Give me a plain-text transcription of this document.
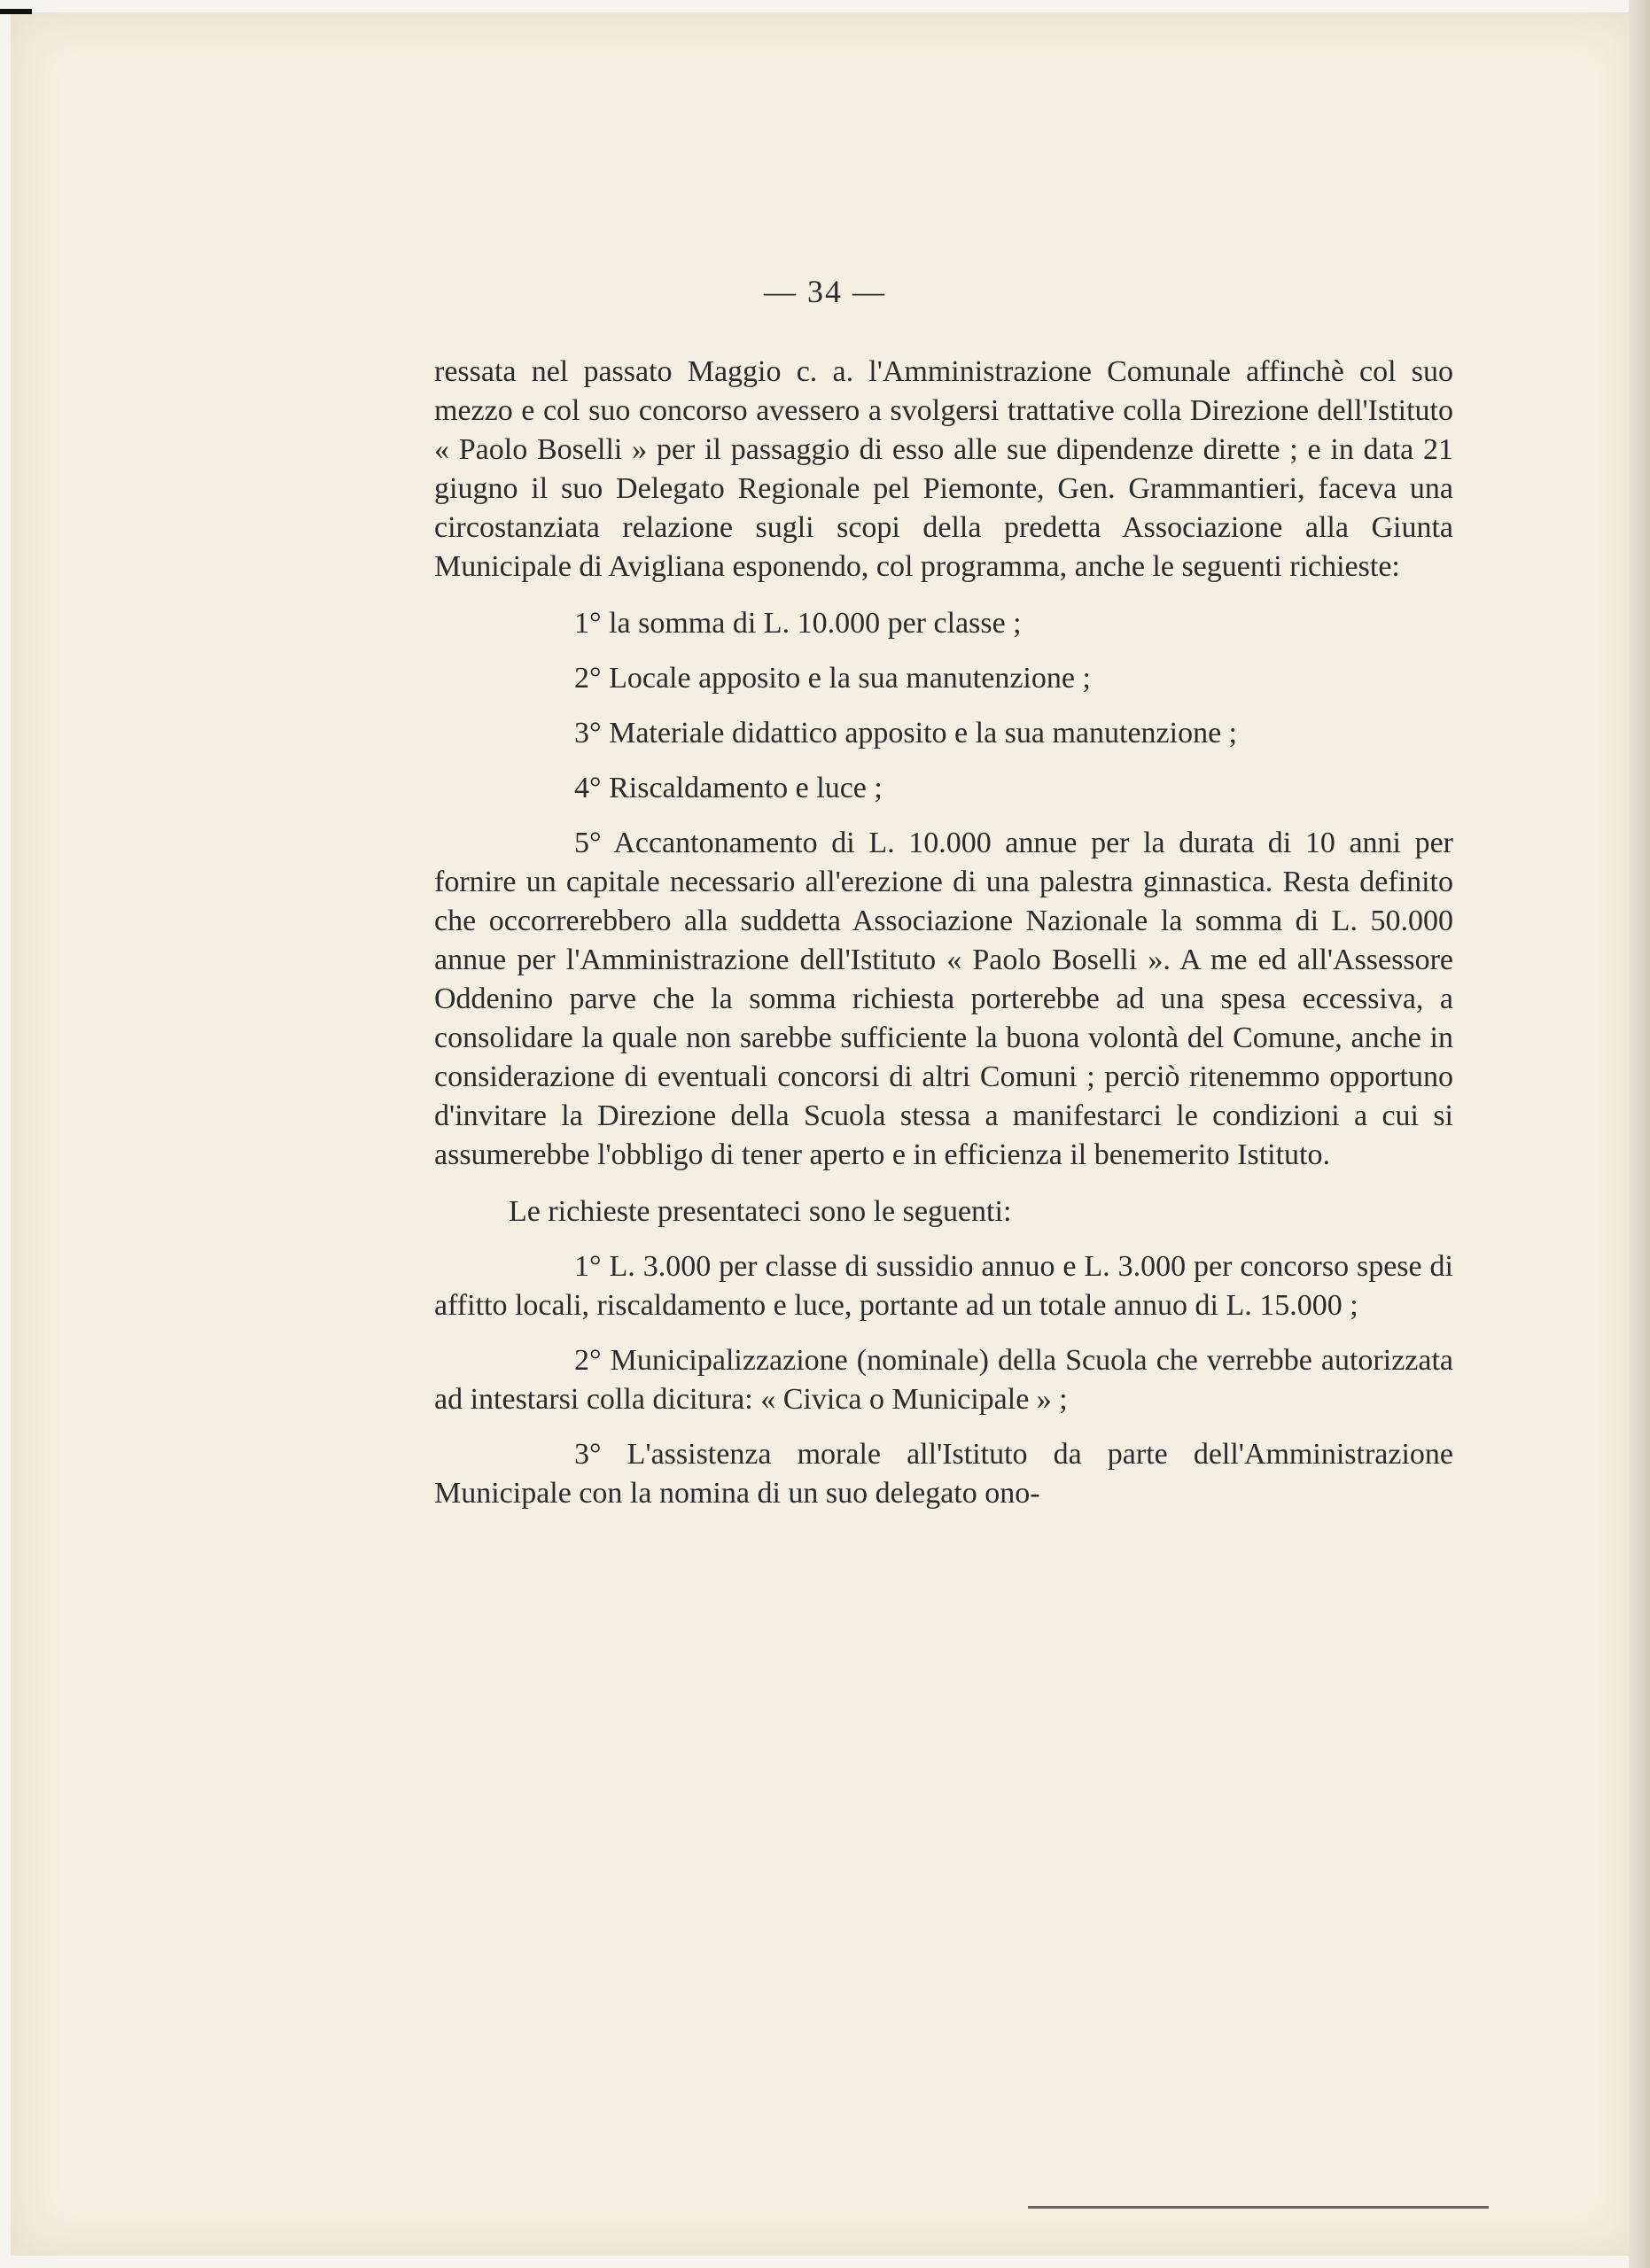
— 34 —

ressata nel passato Maggio c. a. l'Amministrazione Comunale affinchè col suo mezzo e col suo concorso avessero a svolgersi trattative colla Direzione dell'Istituto « Paolo Boselli » per il passaggio di esso alle sue dipendenze dirette ; e in data 21 giugno il suo Delegato Regionale pel Piemonte, Gen. Grammantieri, faceva una circostanziata relazione sugli scopi della predetta Associazione alla Giunta Municipale di Avigliana esponendo, col programma, anche le seguenti richieste:

1° la somma di L. 10.000 per classe ;

2° Locale apposito e la sua manutenzione ;

3° Materiale didattico apposito e la sua manutenzione ;

4° Riscaldamento e luce ;

5° Accantonamento di L. 10.000 annue per la durata di 10 anni per fornire un capitale necessario all'erezione di una palestra ginnastica. Resta definito che occorrerebbero alla suddetta Associazione Nazionale la somma di L. 50.000 annue per l'Amministrazione dell'Istituto « Paolo Boselli ». A me ed all'Assessore Oddenino parve che la somma richiesta porterebbe ad una spesa eccessiva, a consolidare la quale non sarebbe sufficiente la buona volontà del Comune, anche in considerazione di eventuali concorsi di altri Comuni ; perciò ritenemmo opportuno d'invitare la Direzione della Scuola stessa a manifestarci le condizioni a cui si assumerebbe l'obbligo di tener aperto e in efficienza il benemerito Istituto.

Le richieste presentateci sono le seguenti:

1° L. 3.000 per classe di sussidio annuo e L. 3.000 per concorso spese di affitto locali, riscaldamento e luce, portante ad un totale annuo di L. 15.000 ;

2° Municipalizzazione (nominale) della Scuola che verrebbe autorizzata ad intestarsi colla dicitura: « Civica o Municipale » ;

3° L'assistenza morale all'Istituto da parte dell'Amministrazione Municipale con la nomina di un suo delegato ono-
